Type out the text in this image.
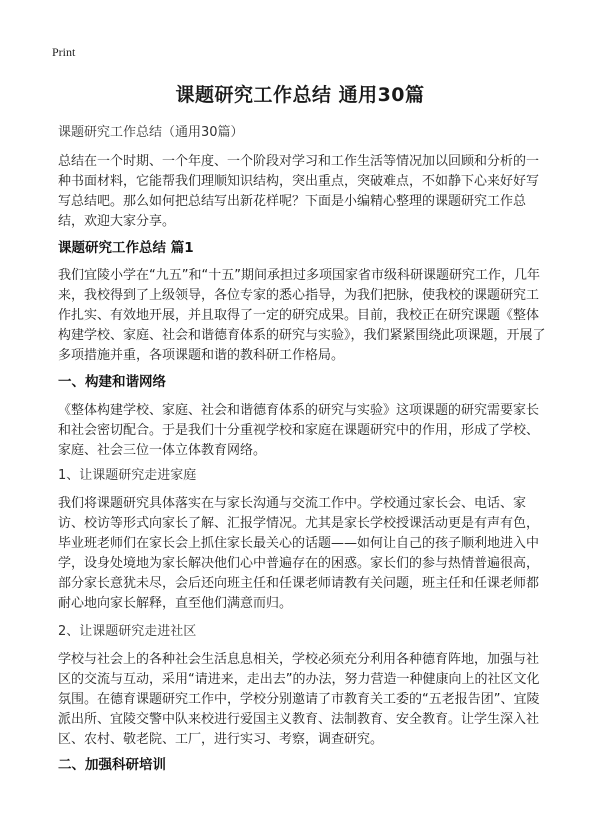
Print
课题研究工作总结 通用30篇
课题研究工作总结（通用30篇）

总结在一个时期、一个年度、一个阶段对学习和工作生活等情况加以回顾和分析的一种书面材料，它能帮我们理顺知识结构，突出重点，突破难点，不如静下心来好好写写总结吧。那么如何把总结写出新花样呢？下面是小编精心整理的课题研究工作总结，欢迎大家分享。

课题研究工作总结 篇1

我们宜陵小学在“九五”和“十五”期间承担过多项国家省市级科研课题研究工作，几年来，我校得到了上级领导，各位专家的悉心指导，为我们把脉，使我校的课题研究工作扎实、有效地开展，并且取得了一定的研究成果。目前，我校正在研究课题《整体构建学校、家庭、社会和谐德育体系的研究与实验》，我们紧紧围绕此项课题，开展了多项措施并重，各项课题和谐的教科研工作格局。

一、构建和谐网络

《整体构建学校、家庭、社会和谐德育体系的研究与实验》这项课题的研究需要家长和社会密切配合。于是我们十分重视学校和家庭在课题研究中的作用，形成了学校、家庭、社会三位一体立体教育网络。

1、让课题研究走进家庭

我们将课题研究具体落实在与家长沟通与交流工作中。学校通过家长会、电话、家访、校访等形式向家长了解、汇报学情况。尤其是家长学校授课活动更是有声有色，毕业班老师们在家长会上抓住家长最关心的话题——如何让自己的孩子顺利地进入中学，设身处境地为家长解决他们心中普遍存在的困惑。家长们的参与热情普遍很高，部分家长意犹未尽，会后还向班主任和任课老师请教有关问题，班主任和任课老师都耐心地向家长解释，直至他们满意而归。

2、让课题研究走进社区

学校与社会上的各种社会生活息息相关，学校必须充分利用各种德育阵地，加强与社区的交流与互动，采用“请进来，走出去”的办法，努力营造一种健康向上的社区文化氛围。在德育课题研究工作中，学校分别邀请了市教育关工委的“五老报告团”、宜陵派出所、宜陵交警中队来校进行爱国主义教育、法制教育、安全教育。让学生深入社区、农村、敬老院、工厂，进行实习、考察，调查研究。

二、加强科研培训
